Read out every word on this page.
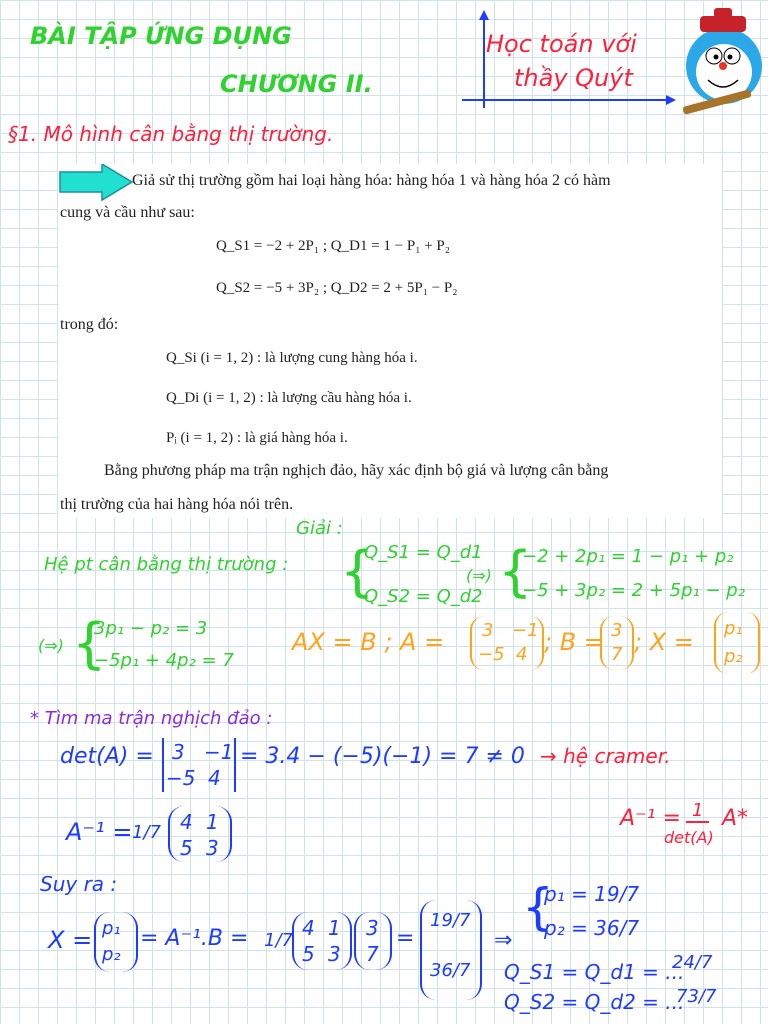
BÀI TẬP ỨNG DỤNG
CHƯƠNG II.
§1. Mô hình cân bằng thị trường.
Học toán với
thầy Quýt
Giả sử thị trường gồm hai loại hàng hóa: hàng hóa 1 và hàng hóa 2 có hàm
cung và cầu như sau:
Q_S1 = −2 + 2P₁ ; Q_D1 = 1 − P₁ + P₂
Q_S2 = −5 + 3P₂ ; Q_D2 = 2 + 5P₁ − P₂
trong đó:
Q_Si (i = 1, 2) : là lượng cung hàng hóa i.
Q_Di (i = 1, 2) : là lượng cầu hàng hóa i.
Pᵢ (i = 1, 2) : là giá hàng hóa i.
Bằng phương pháp ma trận nghịch đảo, hãy xác định bộ giá và lượng cân bằng
thị trường của hai hàng hóa nói trên.
Giải :
Hệ pt cân bằng thị trường : {
Q_S1 = Q_d1
Q_S2 = Q_d2
(⇒) {
−2 + 2p₁ = 1 − p₁ + p₂
−5 + 3p₂ = 2 + 5p₁ − p₂
(⇒) {
3p₁ − p₂ = 3
−5p₁ + 4p₂ = 7
AX = B ; A = 3 −1
−5 4 ; B = 3
7 ; X = p₁
p₂
* Tìm ma trận nghịch đảo :
det(A) = 3 −1
−5 4
= 3.4 − (−5)(−1) = 7 ≠ 0 → hệ cramer.
A⁻¹ = 1/7 4 1
5 3
A⁻¹ = 1
det(A)
A*
Suy ra :
X = p₁
p₂
= A⁻¹.B = 1/7
4 1
5 3
3
7
=
19/7
36/7
⇒
{
p₁ = 19/7
p₂ = 36/7
Q_S1 = Q_d1 = ...
24/7
Q_S2 = Q_d2 = ...
73/7
